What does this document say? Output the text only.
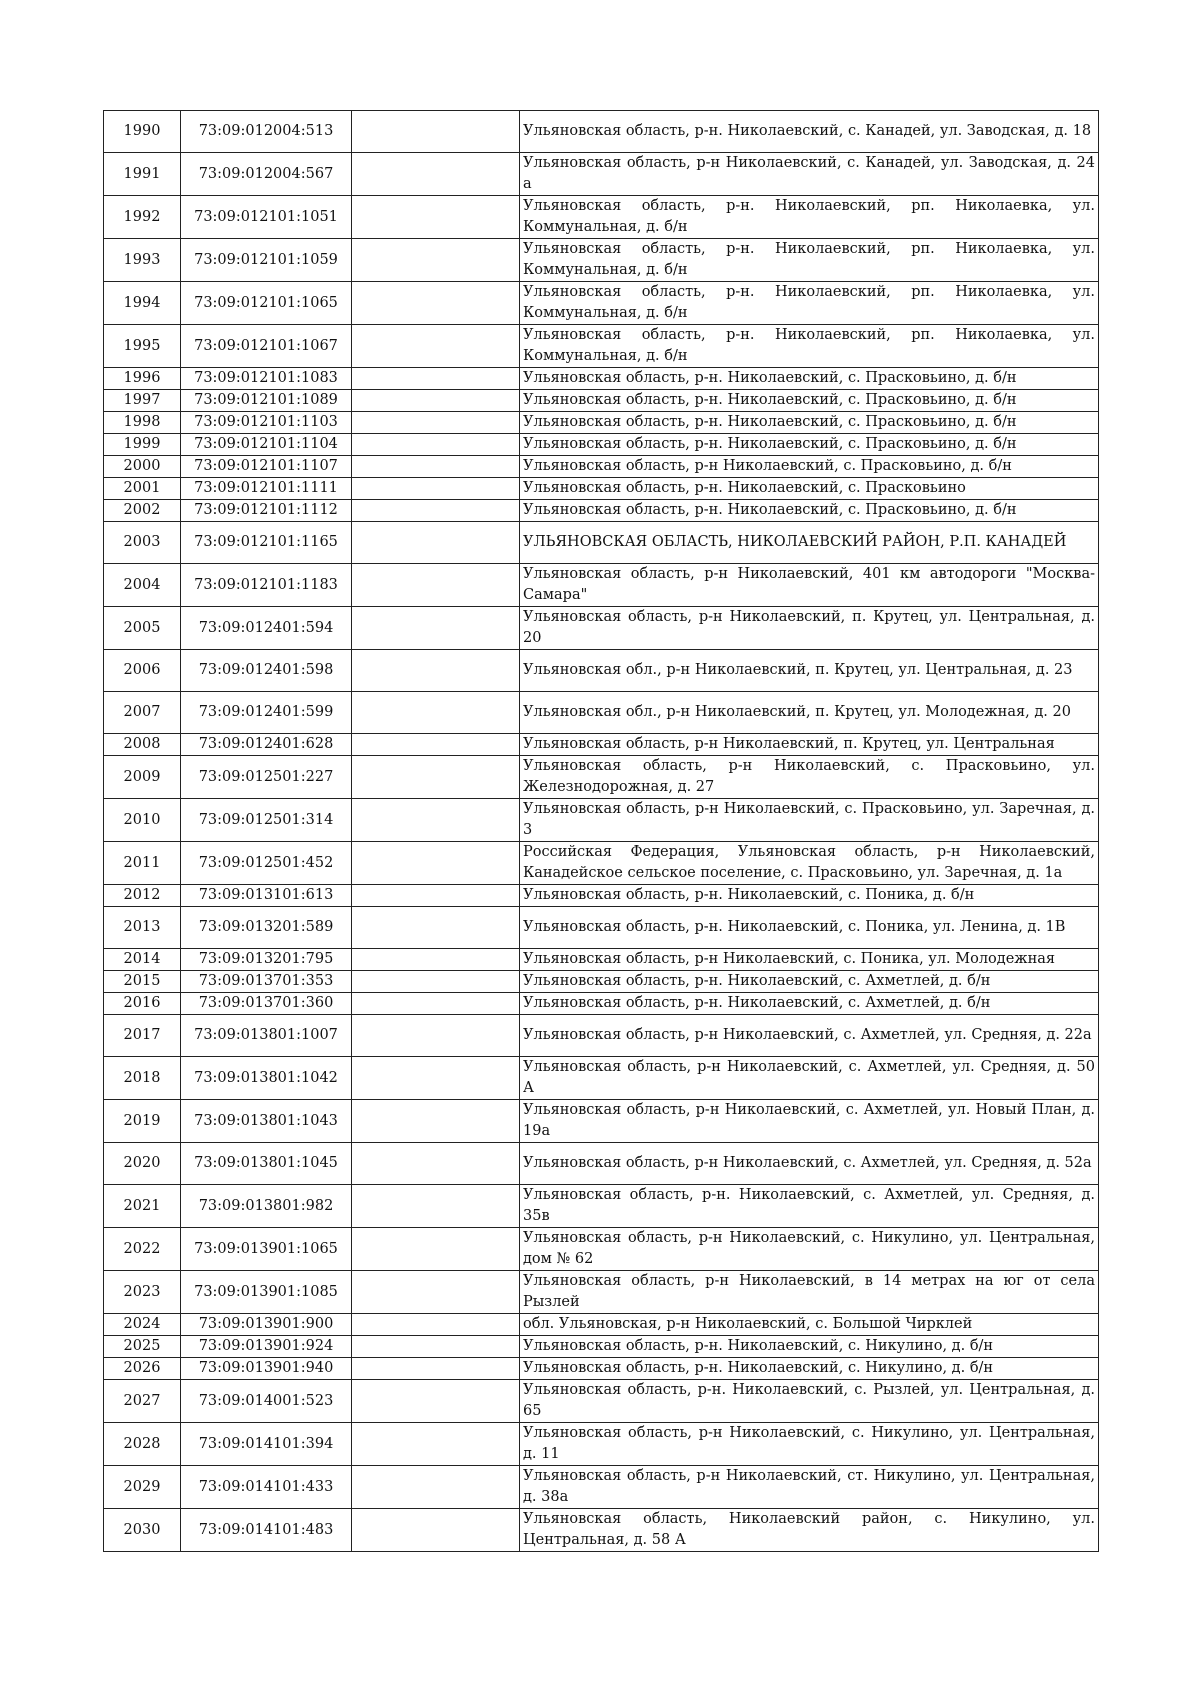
1990	73:09:012004:513		Ульяновская область, р-н. Николаевский, с. Канадей, ул. Заводская, д. 18
1991	73:09:012004:567		Ульяновская область, р-н Николаевский, с. Канадей, ул. Заводская, д. 24 а
1992	73:09:012101:1051		Ульяновская область, р-н. Николаевский, рп. Николаевка, ул. Коммунальная, д. б/н
1993	73:09:012101:1059		Ульяновская область, р-н. Николаевский, рп. Николаевка, ул. Коммунальная, д. б/н
1994	73:09:012101:1065		Ульяновская область, р-н. Николаевский, рп. Николаевка, ул. Коммунальная, д. б/н
1995	73:09:012101:1067		Ульяновская область, р-н. Николаевский, рп. Николаевка, ул. Коммунальная, д. б/н
1996	73:09:012101:1083		Ульяновская область, р-н. Николаевский, с. Прасковьино, д. б/н
1997	73:09:012101:1089		Ульяновская область, р-н. Николаевский, с. Прасковьино, д. б/н
1998	73:09:012101:1103		Ульяновская область, р-н. Николаевский, с. Прасковьино, д. б/н
1999	73:09:012101:1104		Ульяновская область, р-н. Николаевский, с. Прасковьино, д. б/н
2000	73:09:012101:1107		Ульяновская область, р-н Николаевский, с. Прасковьино, д. б/н
2001	73:09:012101:1111		Ульяновская область, р-н. Николаевский, с. Прасковьино
2002	73:09:012101:1112		Ульяновская область, р-н. Николаевский, с. Прасковьино, д. б/н
2003	73:09:012101:1165		УЛЬЯНОВСКАЯ ОБЛАСТЬ, НИКОЛАЕВСКИЙ РАЙОН, Р.П. КАНАДЕЙ
2004	73:09:012101:1183		Ульяновская область, р-н Николаевский, 401 км автодороги "Москва-Самара"
2005	73:09:012401:594		Ульяновская область, р-н Николаевский, п. Крутец, ул. Центральная, д. 20
2006	73:09:012401:598		Ульяновская обл., р-н Николаевский, п. Крутец, ул. Центральная, д. 23
2007	73:09:012401:599		Ульяновская обл., р-н Николаевский, п. Крутец, ул. Молодежная, д. 20
2008	73:09:012401:628		Ульяновская область, р-н Николаевский, п. Крутец, ул. Центральная
2009	73:09:012501:227		Ульяновская область, р-н Николаевский, с. Прасковьино, ул. Железнодорожная, д. 27
2010	73:09:012501:314		Ульяновская область, р-н Николаевский, с. Прасковьино, ул. Заречная, д. 3
2011	73:09:012501:452		Российская Федерация, Ульяновская область, р-н Николаевский, Канадейское сельское поселение, с. Прасковьино, ул. Заречная, д. 1а
2012	73:09:013101:613		Ульяновская область, р-н. Николаевский, с. Поника, д. б/н
2013	73:09:013201:589		Ульяновская область, р-н. Николаевский, с. Поника, ул. Ленина, д. 1В
2014	73:09:013201:795		Ульяновская область, р-н Николаевский, с. Поника, ул. Молодежная
2015	73:09:013701:353		Ульяновская область, р-н. Николаевский, с. Ахметлей, д. б/н
2016	73:09:013701:360		Ульяновская область, р-н. Николаевский, с. Ахметлей, д. б/н
2017	73:09:013801:1007		Ульяновская область, р-н Николаевский, с. Ахметлей, ул. Средняя, д. 22а
2018	73:09:013801:1042		Ульяновская область, р-н Николаевский, с. Ахметлей, ул. Средняя, д. 50 А
2019	73:09:013801:1043		Ульяновская область, р-н Николаевский, с. Ахметлей, ул. Новый План, д. 19а
2020	73:09:013801:1045		Ульяновская область, р-н Николаевский, с. Ахметлей, ул. Средняя, д. 52а
2021	73:09:013801:982		Ульяновская область, р-н. Николаевский, с. Ахметлей, ул. Средняя, д. 35в
2022	73:09:013901:1065		Ульяновская область, р-н Николаевский, с. Никулино, ул. Центральная, дом № 62
2023	73:09:013901:1085		Ульяновская область, р-н Николаевский, в 14 метрах на юг от села Рызлей
2024	73:09:013901:900		обл. Ульяновская, р-н Николаевский, с. Большой Чирклей
2025	73:09:013901:924		Ульяновская область, р-н. Николаевский, с. Никулино, д. б/н
2026	73:09:013901:940		Ульяновская область, р-н. Николаевский, с. Никулино, д. б/н
2027	73:09:014001:523		Ульяновская область, р-н. Николаевский, с. Рызлей, ул. Центральная, д. 65
2028	73:09:014101:394		Ульяновская область, р-н Николаевский, с. Никулино, ул. Центральная, д. 11
2029	73:09:014101:433		Ульяновская область, р-н Николаевский, ст. Никулино, ул. Центральная, д. 38а
2030	73:09:014101:483		Ульяновская область, Николаевский район, с. Никулино, ул. Центральная, д. 58 А
